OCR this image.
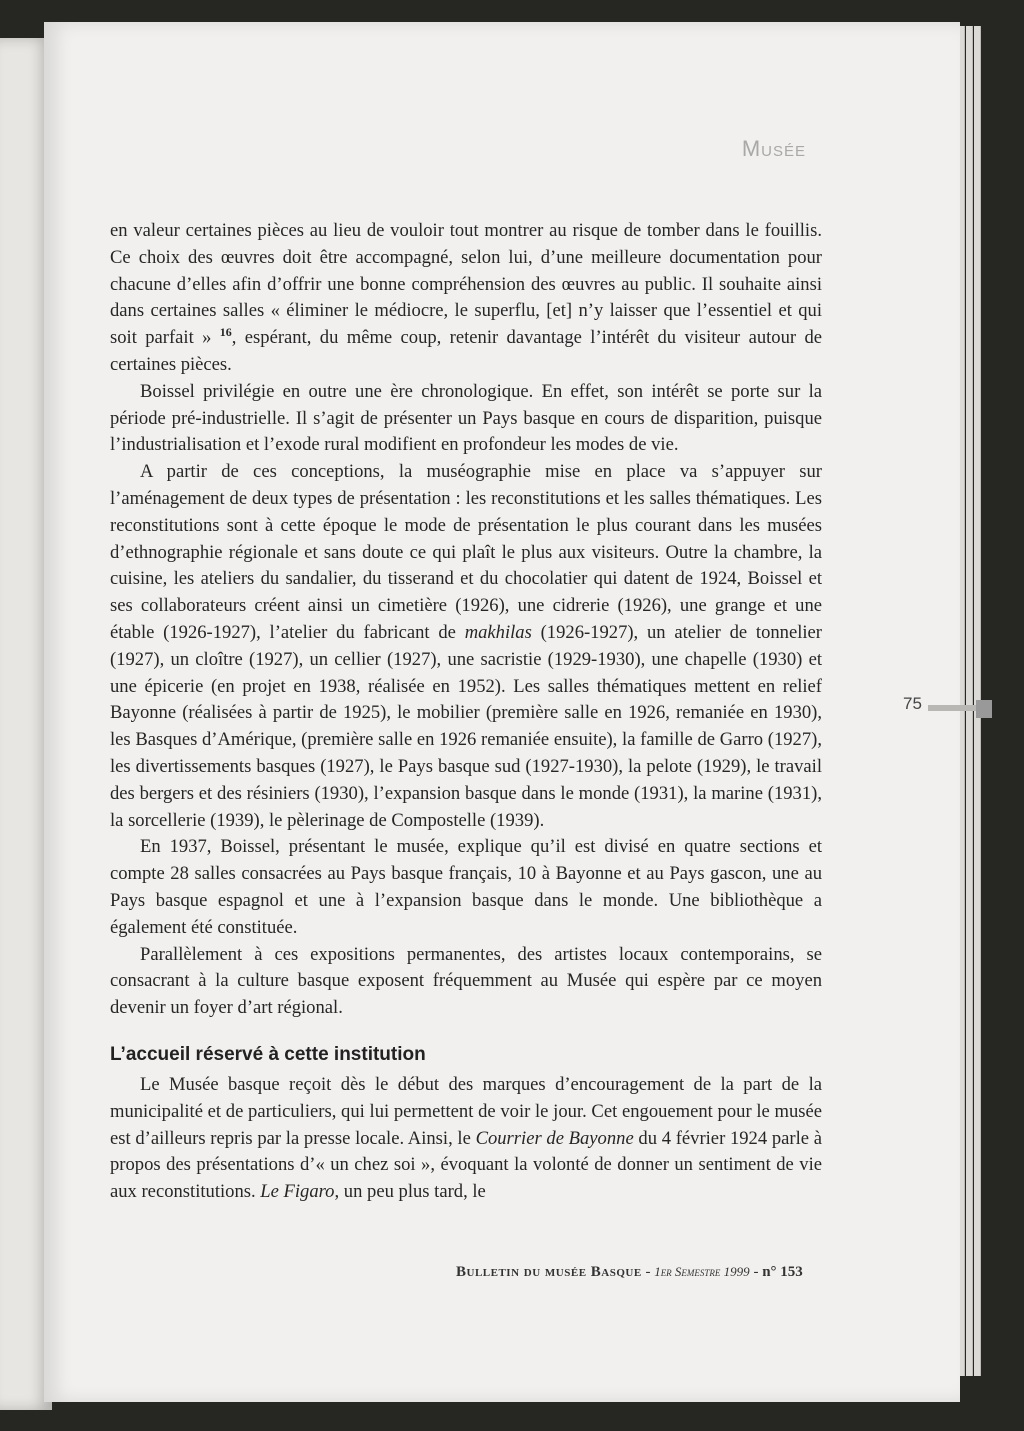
Musée
75

en valeur certaines pièces au lieu de vouloir tout montrer au risque de tomber dans le fouillis. Ce choix des œuvres doit être accompagné, selon lui, d’une meilleure documentation pour chacune d’elles afin d’offrir une bonne compréhension des œuvres au public. Il souhaite ainsi dans certaines salles « éliminer le médiocre, le superflu, [et] n’y laisser que l’essentiel et qui soit parfait » $^{16}$, espérant, du même coup, retenir davantage l’intérêt du visiteur autour de certaines pièces.

Boissel privilégie en outre une ère chronologique. En effet, son intérêt se porte sur la période pré-industrielle. Il s’agit de présenter un Pays basque en cours de disparition, puisque l’industrialisation et l’exode rural modifient en profondeur les modes de vie.

A partir de ces conceptions, la muséographie mise en place va s’appuyer sur l’aménagement de deux types de présentation : les reconstitutions et les salles thématiques. Les reconstitutions sont à cette époque le mode de présentation le plus courant dans les musées d’ethnographie régionale et sans doute ce qui plaît le plus aux visiteurs. Outre la chambre, la cuisine, les ateliers du sandalier, du tisserand et du chocolatier qui datent de 1924, Boissel et ses collaborateurs créent ainsi un cimetière (1926), une cidrerie (1926), une grange et une étable (1926-1927), l’atelier du fabricant de makhilas (1926-1927), un atelier de tonnelier (1927), un cloître (1927), un cellier (1927), une sacristie (1929-1930), une chapelle (1930) et une épicerie (en projet en 1938, réalisée en 1952). Les salles thématiques mettent en relief Bayonne (réalisées à partir de 1925), le mobilier (première salle en 1926, remaniée en 1930), les Basques d’Amérique, (première salle en 1926 remaniée ensuite), la famille de Garro (1927), les divertissements basques (1927), le Pays basque sud (1927-1930), la pelote (1929), le travail des bergers et des résiniers (1930), l’expansion basque dans le monde (1931), la marine (1931), la sorcellerie (1939), le pèlerinage de Compostelle (1939).

En 1937, Boissel, présentant le musée, explique qu’il est divisé en quatre sections et compte 28 salles consacrées au Pays basque français, 10 à Bayonne et au Pays gascon, une au Pays basque espagnol et une à l’expansion basque dans le monde. Une bibliothèque a également été constituée.

Parallèlement à ces expositions permanentes, des artistes locaux contemporains, se consacrant à la culture basque exposent fréquemment au Musée qui espère par ce moyen devenir un foyer d’art régional.

L’accueil réservé à cette institution

Le Musée basque reçoit dès le début des marques d’encouragement de la part de la municipalité et de particuliers, qui lui permettent de voir le jour. Cet engouement pour le musée est d’ailleurs repris par la presse locale. Ainsi, le Courrier de Bayonne du 4 février 1924 parle à propos des présentations d’« un chez soi », évoquant la volonté de donner un sentiment de vie aux reconstitutions. Le Figaro, un peu plus tard, le

Bulletin du musée Basque - 1er Semestre 1999 - n° 153
